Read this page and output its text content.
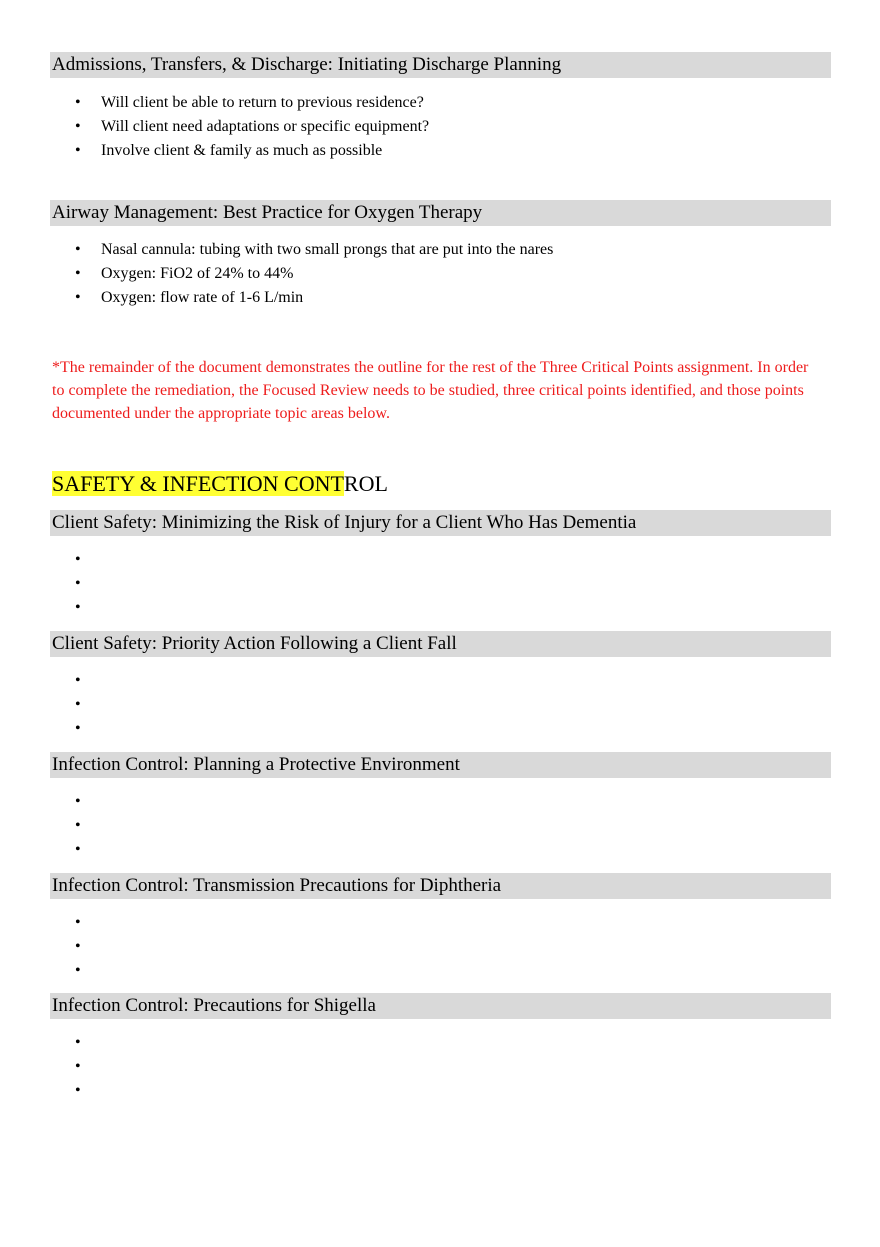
Admissions, Transfers, & Discharge: Initiating Discharge Planning
• Will client be able to return to previous residence?
• Will client need adaptations or specific equipment?
• Involve client & family as much as possible
Airway Management: Best Practice for Oxygen Therapy
• Nasal cannula: tubing with two small prongs that are put into the nares
• Oxygen: FiO2 of 24% to 44%
• Oxygen: flow rate of 1-6 L/min
*The remainder of the document demonstrates the outline for the rest of the Three Critical Points assignment. In order to complete the remediation, the Focused Review needs to be studied, three critical points identified, and those points documented under the appropriate topic areas below.
SAFETY & INFECTION CONTROL
Client Safety: Minimizing the Risk of Injury for a Client Who Has Dementia
•
•
•
Client Safety: Priority Action Following a Client Fall
•
•
•
Infection Control: Planning a Protective Environment
•
•
•
Infection Control: Transmission Precautions for Diphtheria
•
•
•
Infection Control: Precautions for Shigella
•
•
•
